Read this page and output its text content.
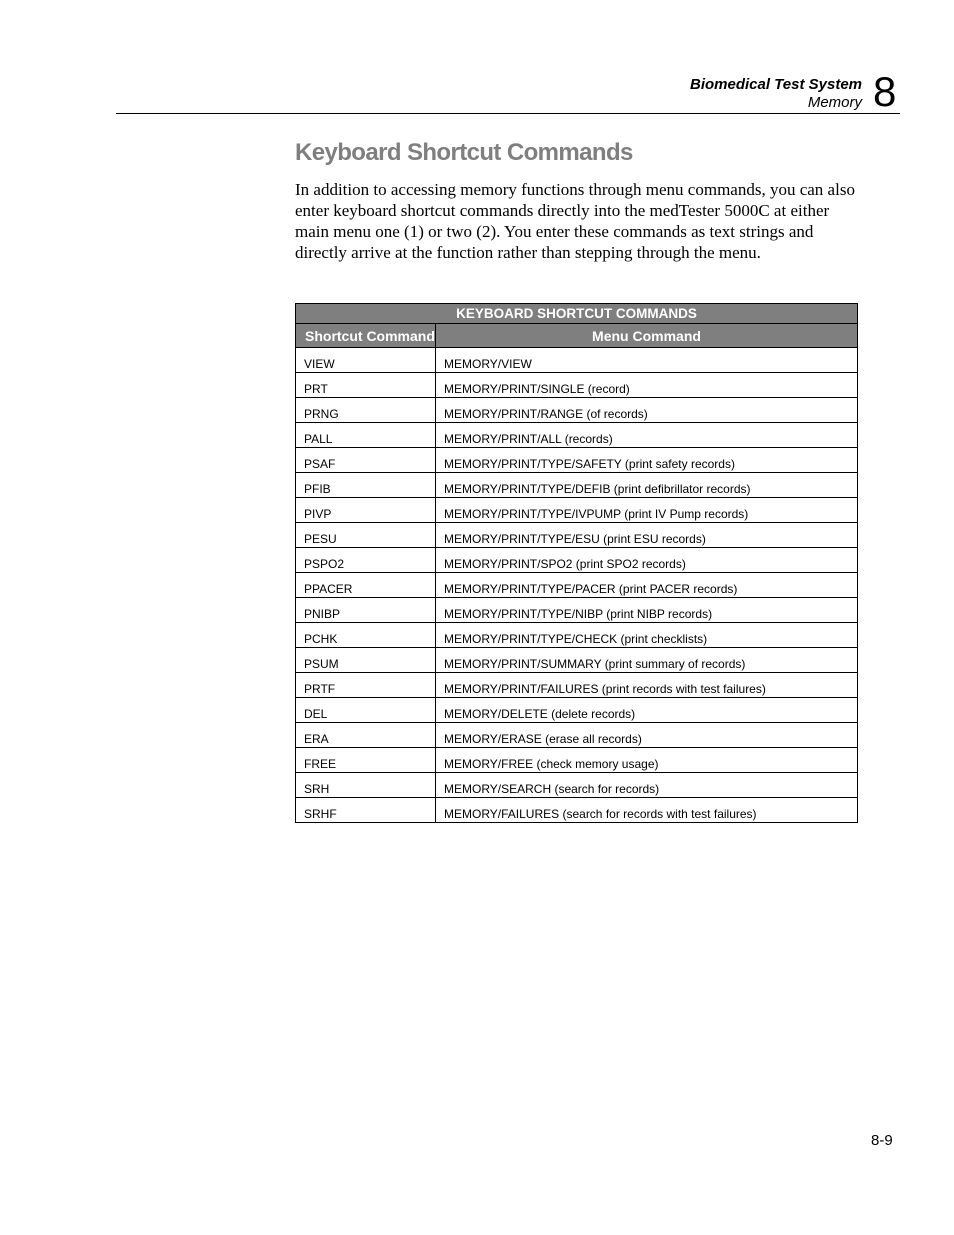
Biomedical Test System
Memory 8
Keyboard Shortcut Commands

In addition to accessing memory functions through menu commands, you can also enter keyboard shortcut commands directly into the medTester 5000C at either main menu one (1) or two (2). You enter these commands as text strings and directly arrive at the function rather than stepping through the menu.

KEYBOARD SHORTCUT COMMANDS	
Shortcut Command	Menu Command
VIEW	MEMORY/VIEW
PRT	MEMORY/PRINT/SINGLE (record)
PRNG	MEMORY/PRINT/RANGE (of records)
PALL	MEMORY/PRINT/ALL (records)
PSAF	MEMORY/PRINT/TYPE/SAFETY (print safety records)
PFIB	MEMORY/PRINT/TYPE/DEFIB (print defibrillator records)
PIVP	MEMORY/PRINT/TYPE/IVPUMP (print IV Pump records)
PESU	MEMORY/PRINT/TYPE/ESU (print ESU records)
PSPO2	MEMORY/PRINT/SPO2 (print SPO2 records)
PPACER	MEMORY/PRINT/TYPE/PACER (print PACER records)
PNIBP	MEMORY/PRINT/TYPE/NIBP (print NIBP records)
PCHK	MEMORY/PRINT/TYPE/CHECK (print checklists)
PSUM	MEMORY/PRINT/SUMMARY (print summary of records)
PRTF	MEMORY/PRINT/FAILURES (print records with test failures)
DEL	MEMORY/DELETE (delete records)
ERA	MEMORY/ERASE (erase all records)
FREE	MEMORY/FREE (check memory usage)
SRH	MEMORY/SEARCH (search for records)
SRHF	MEMORY/FAILURES (search for records with test failures)
8-9
